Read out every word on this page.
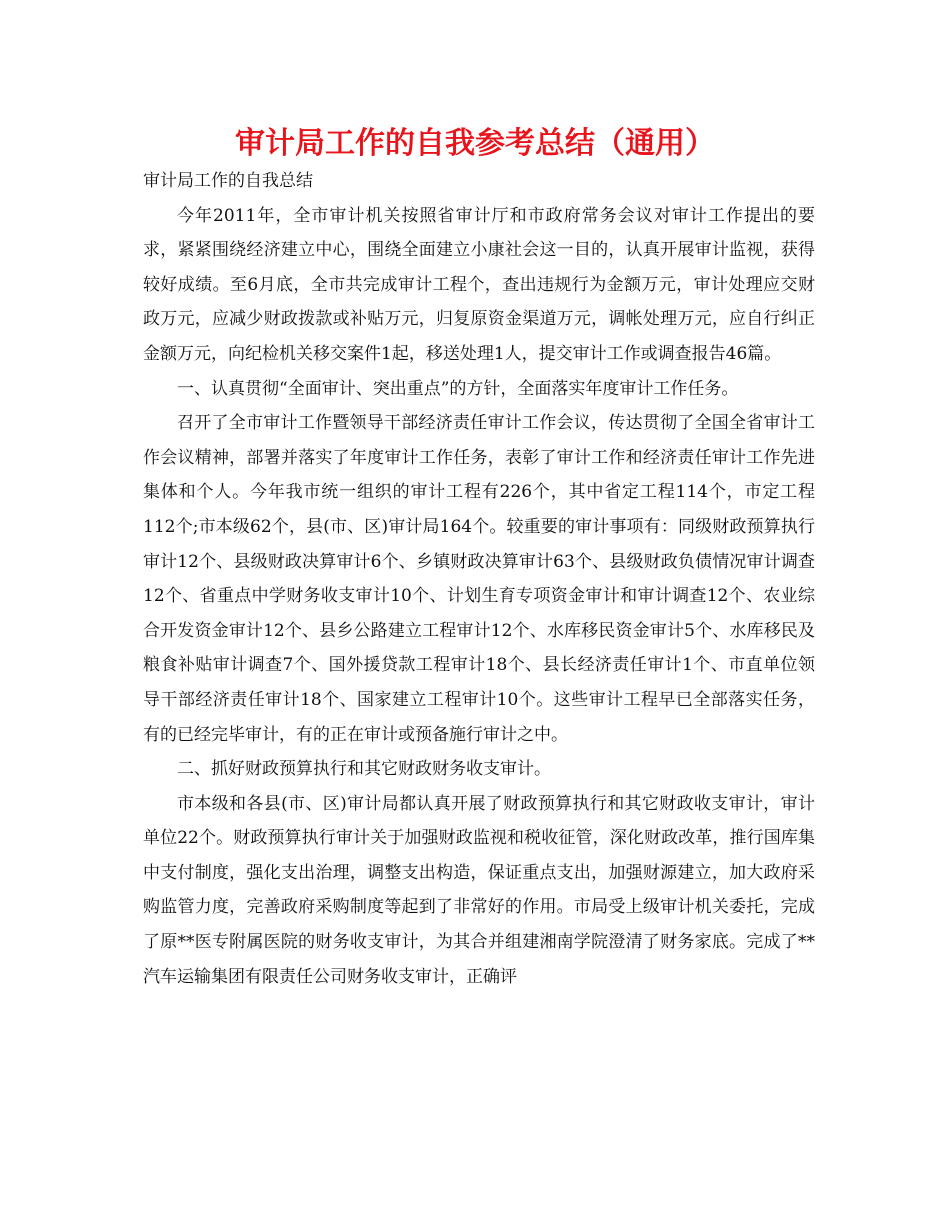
审计局工作的自我参考总结（通用）

审计局工作的自我总结

今年2011年，全市审计机关按照省审计厅和市政府常务会议对审计工作提出的要求，紧紧围绕经济建立中心，围绕全面建立小康社会这一目的，认真开展审计监视，获得较好成绩。至6月底，全市共完成审计工程个，查出违规行为金额万元，审计处理应交财政万元，应减少财政拨款或补贴万元，归复原资金渠道万元，调帐处理万元，应自行纠正金额万元，向纪检机关移交案件1起，移送处理1人，提交审计工作或调查报告46篇。

一、认真贯彻“全面审计、突出重点”的方针，全面落实年度审计工作任务。

召开了全市审计工作暨领导干部经济责任审计工作会议，传达贯彻了全国全省审计工作会议精神，部署并落实了年度审计工作任务，表彰了审计工作和经济责任审计工作先进集体和个人。今年我市统一组织的审计工程有226个，其中省定工程114个，市定工程112个;市本级62个，县(市、区)审计局164个。较重要的审计事项有：同级财政预算执行审计12个、县级财政决算审计6个、乡镇财政决算审计63个、县级财政负债情况审计调查12个、省重点中学财务收支审计10个、计划生育专项资金审计和审计调查12个、农业综合开发资金审计12个、县乡公路建立工程审计12个、水库移民资金审计5个、水库移民及粮食补贴审计调查7个、国外援贷款工程审计18个、县长经济责任审计1个、市直单位领导干部经济责任审计18个、国家建立工程审计10个。这些审计工程早已全部落实任务，有的已经完毕审计，有的正在审计或预备施行审计之中。

二、抓好财政预算执行和其它财政财务收支审计。

市本级和各县(市、区)审计局都认真开展了财政预算执行和其它财政收支审计，审计单位22个。财政预算执行审计关于加强财政监视和税收征管，深化财政改革，推行国库集中支付制度，强化支出治理，调整支出构造，保证重点支出，加强财源建立，加大政府采购监管力度，完善政府采购制度等起到了非常好的作用。市局受上级审计机关委托，完成了原**医专附属医院的财务收支审计，为其合并组建湘南学院澄清了财务家底。完成了**汽车运输集团有限责任公司财务收支审计，正确评
